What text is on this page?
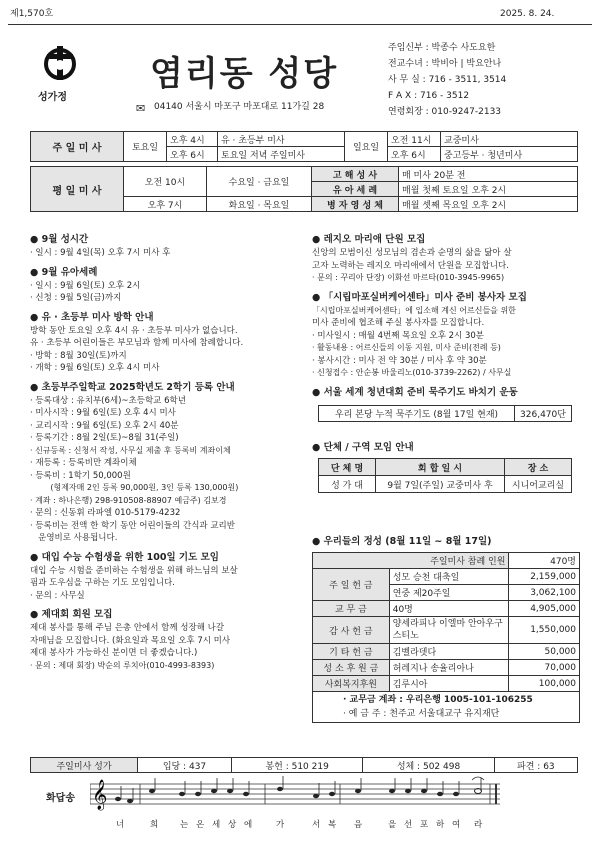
제1,570호	2025. 8. 24.
성가정
염리동 성당
✉ 04140 서울시 마포구 마포대로 11가길 28
주임신부 : 박종수 사도요한
전교수녀 : 박비아 | 박요안나
사 무 실 : 716 - 3511, 3514
F A X : 716 - 3512
연령회장 : 010-9247-2133
주 일 미 사	토요일	오후 4시	유 · 초등부 미사	일요일	오전 11시	교중미사
		오후 6시	토요일 저녁 주일미사		오후 6시	중고등부 · 청년미사
평 일 미 사	오전 10시	수요일 · 금요일	고 해 성 사	매 미사 20분 전
			유 아 세 례	매월 첫째 토요일 오후 2시
	오후 7시	화요일 · 목요일	병 자 영 성 체	매월 셋째 목요일 오후 2시
● 9월 성시간
· 일시 : 9월 4일(목) 오후 7시 미사 후
● 9월 유아세례
· 일시 : 9월 6일(토) 오후 2시
· 신청 : 9월 5일(금)까지
● 유 · 초등부 미사 방학 안내
방학 동안 토요일 오후 4시 유 · 초등부 미사가 없습니다.
유 · 초등부 어린이들은 부모님과 함께 미사에 참례합니다.
· 방학 : 8월 30일(토)까지
· 개학 : 9월 6일(토) 오후 4시 미사
● 초등부주일학교 2025학년도 2학기 등록 안내
· 등록대상 : 유치부(6세)~초등학교 6학년
· 미사시작 : 9월 6일(토) 오후 4시 미사
· 교리시작 : 9월 6일(토) 오후 2시 40분
· 등록기간 : 8월 2일(토)~8월 31(주일)
· 신규등록 : 신청서 작성, 사무실 제출 후 등록비 계좌이체
· 재등록 : 등록비만 계좌이체
· 등록비 : 1학기 50,000원
(형제자매 2인 등록 90,000원, 3인 등록 130,000원)
· 계좌 : 하나은행) 298-910508-88907 예금주) 김보경
· 문의 : 신동휘 라파엘 010-5179-4232
· 등록비는 전액 한 학기 동안 어린이들의 간식과 교리반
운영비로 사용됩니다.
● 대입 수능 수험생을 위한 100일 기도 모임
대입 수능 시험을 준비하는 수험생을 위해 하느님의 보살
핌과 도우심을 구하는 기도 모임입니다.
· 문의 : 사무실
● 제대회 회원 모집
제대 봉사를 통해 주님 은총 안에서 함께 성장해 나갈
자매님을 모집합니다. (화요일과 목요일 오후 7시 미사
제대 봉사가 가능하신 분이면 더 좋겠습니다.)
· 문의 : 제대 회장) 박순의 루치아(010-4993-8393)
● 레지오 마리애 단원 모집
신앙의 모범이신 성모님의 겸손과 순명의 삶을 닮아 살
고자 노력하는 레지오 마리애에서 단원을 모집합니다.
· 문의 : 꾸리아 단장) 이화선 마르타(010-3945-9965)
● 「시립마포실버케어센타」미사 준비 봉사자 모집
「시립마포실버케어센타」에 입소해 계신 어르신들을 위한
미사 준비에 협조해 주실 봉사자를 모집합니다.
· 미사일시 : 매월 4번째 목요일 오후 2시 30분
· 활동내용 : 어르신들의 이동 지원, 미사 준비(전례 등)
· 봉사시간 : 미사 전 약 30분 / 미사 후 약 30분
· 신청접수 : 안순봉 바울리노(010-3739-2262) / 사무실
● 서울 세계 청년대회 준비 묵주기도 바치기 운동
우리 본당 누적 묵주기도 (8월 17일 현재)	326,470단
● 단체 / 구역 모임 안내
단 체 명	회 합 일 시	장 소
성 가 대	9월 7일(주일) 교중미사 후	시니어교리실
● 우리들의 정성 (8월 11일 ~ 8월 17일)
주일미사 참례 인원		470명
주 일 헌 금	성모 승천 대축일	2,159,000
	연중 제20주일	3,062,100
교 무 금	40명	4,905,000
감 사 헌 금	양세라피나 이엘마 안아우구스티노	1,550,000
기 타 헌 금	김벨라뎃다	50,000
성 소 후 원 금	허레지나 송율리아나	70,000
사회복지후원	김루시아	100,000

· 교무금 계좌 : 우리은행 1005-101-106255
· 예 금 주 : 천주교 서울대교구 유지재단		
주일미사 성가	입당 : 437	봉헌 : 510 219	성체 : 502 498	파견 : 63
화답송 𝄞
너	희	는 온 세 상 에	가	서 복 음	을 선 포 하 여 라
